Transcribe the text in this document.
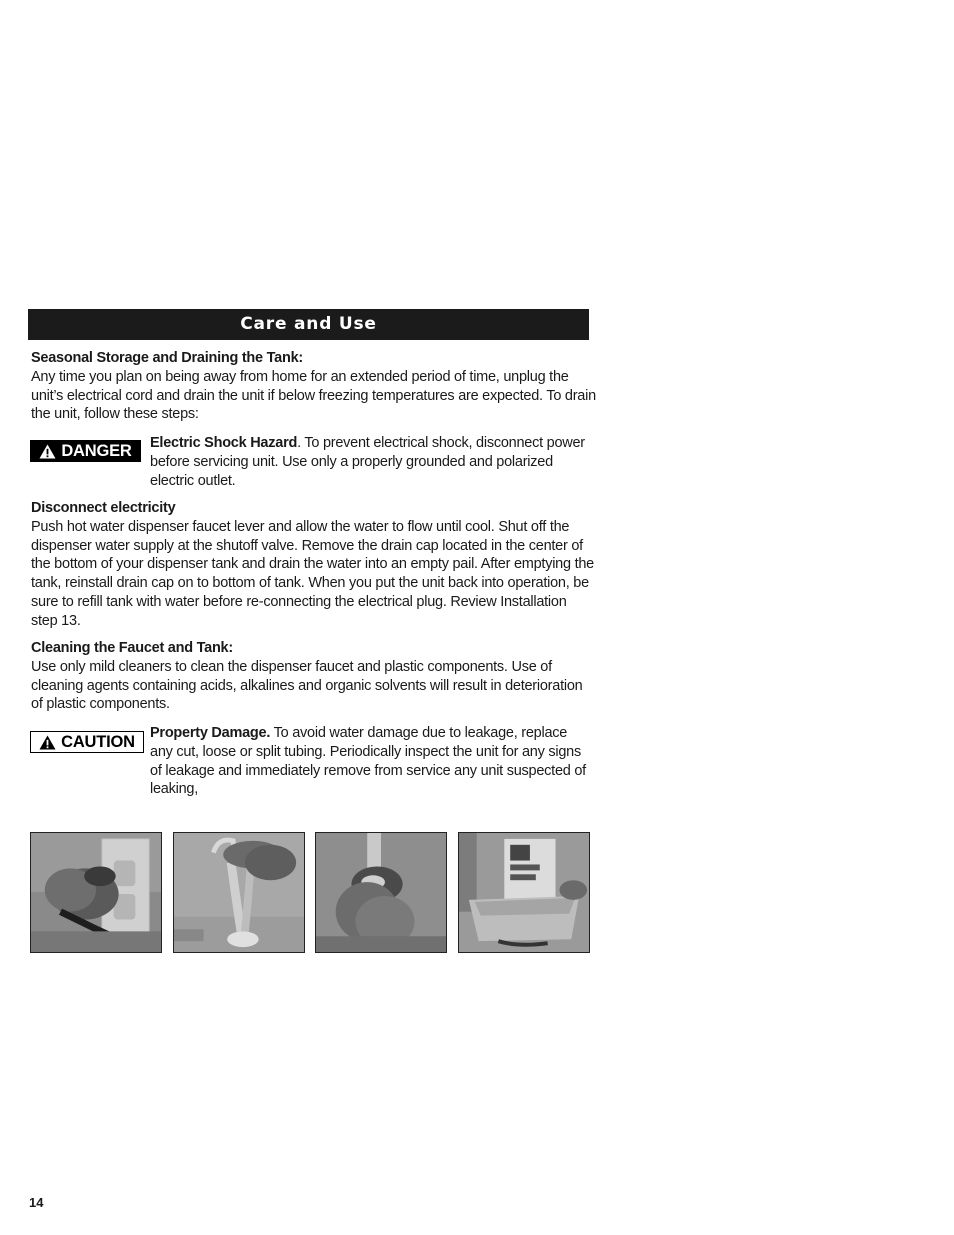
Care and Use
Seasonal Storage and Draining the Tank:
Any time you plan on being away from home for an extended period of time, unplug the unit’s electrical cord and drain the unit if below freezing temperatures are expected. To drain the unit, follow these steps:
DANGER Electric Shock Hazard. To prevent electrical shock, disconnect power before servicing unit. Use only a properly grounded and polarized electric outlet.
Disconnect electricity
Push hot water dispenser faucet lever and allow the water to flow until cool. Shut off the dispenser water supply at the shutoff valve. Remove the drain cap located in the center of the bottom of your dispenser tank and drain the water into an empty pail. After emptying the tank, reinstall drain cap on to bottom of tank. When you put the unit back into operation, be sure to refill tank with water before re-connecting the electrical plug. Review Installation step 13.
Cleaning the Faucet and Tank:
Use only mild cleaners to clean the dispenser faucet and plastic components. Use of cleaning agents containing acids, alkalines and organic solvents will result in deterioration of plastic components.
CAUTION Property Damage. To avoid water damage due to leakage, replace any cut, loose or split tubing. Periodically inspect the unit for any signs of leakage and immediately remove from service any unit suspected of leaking,
14
